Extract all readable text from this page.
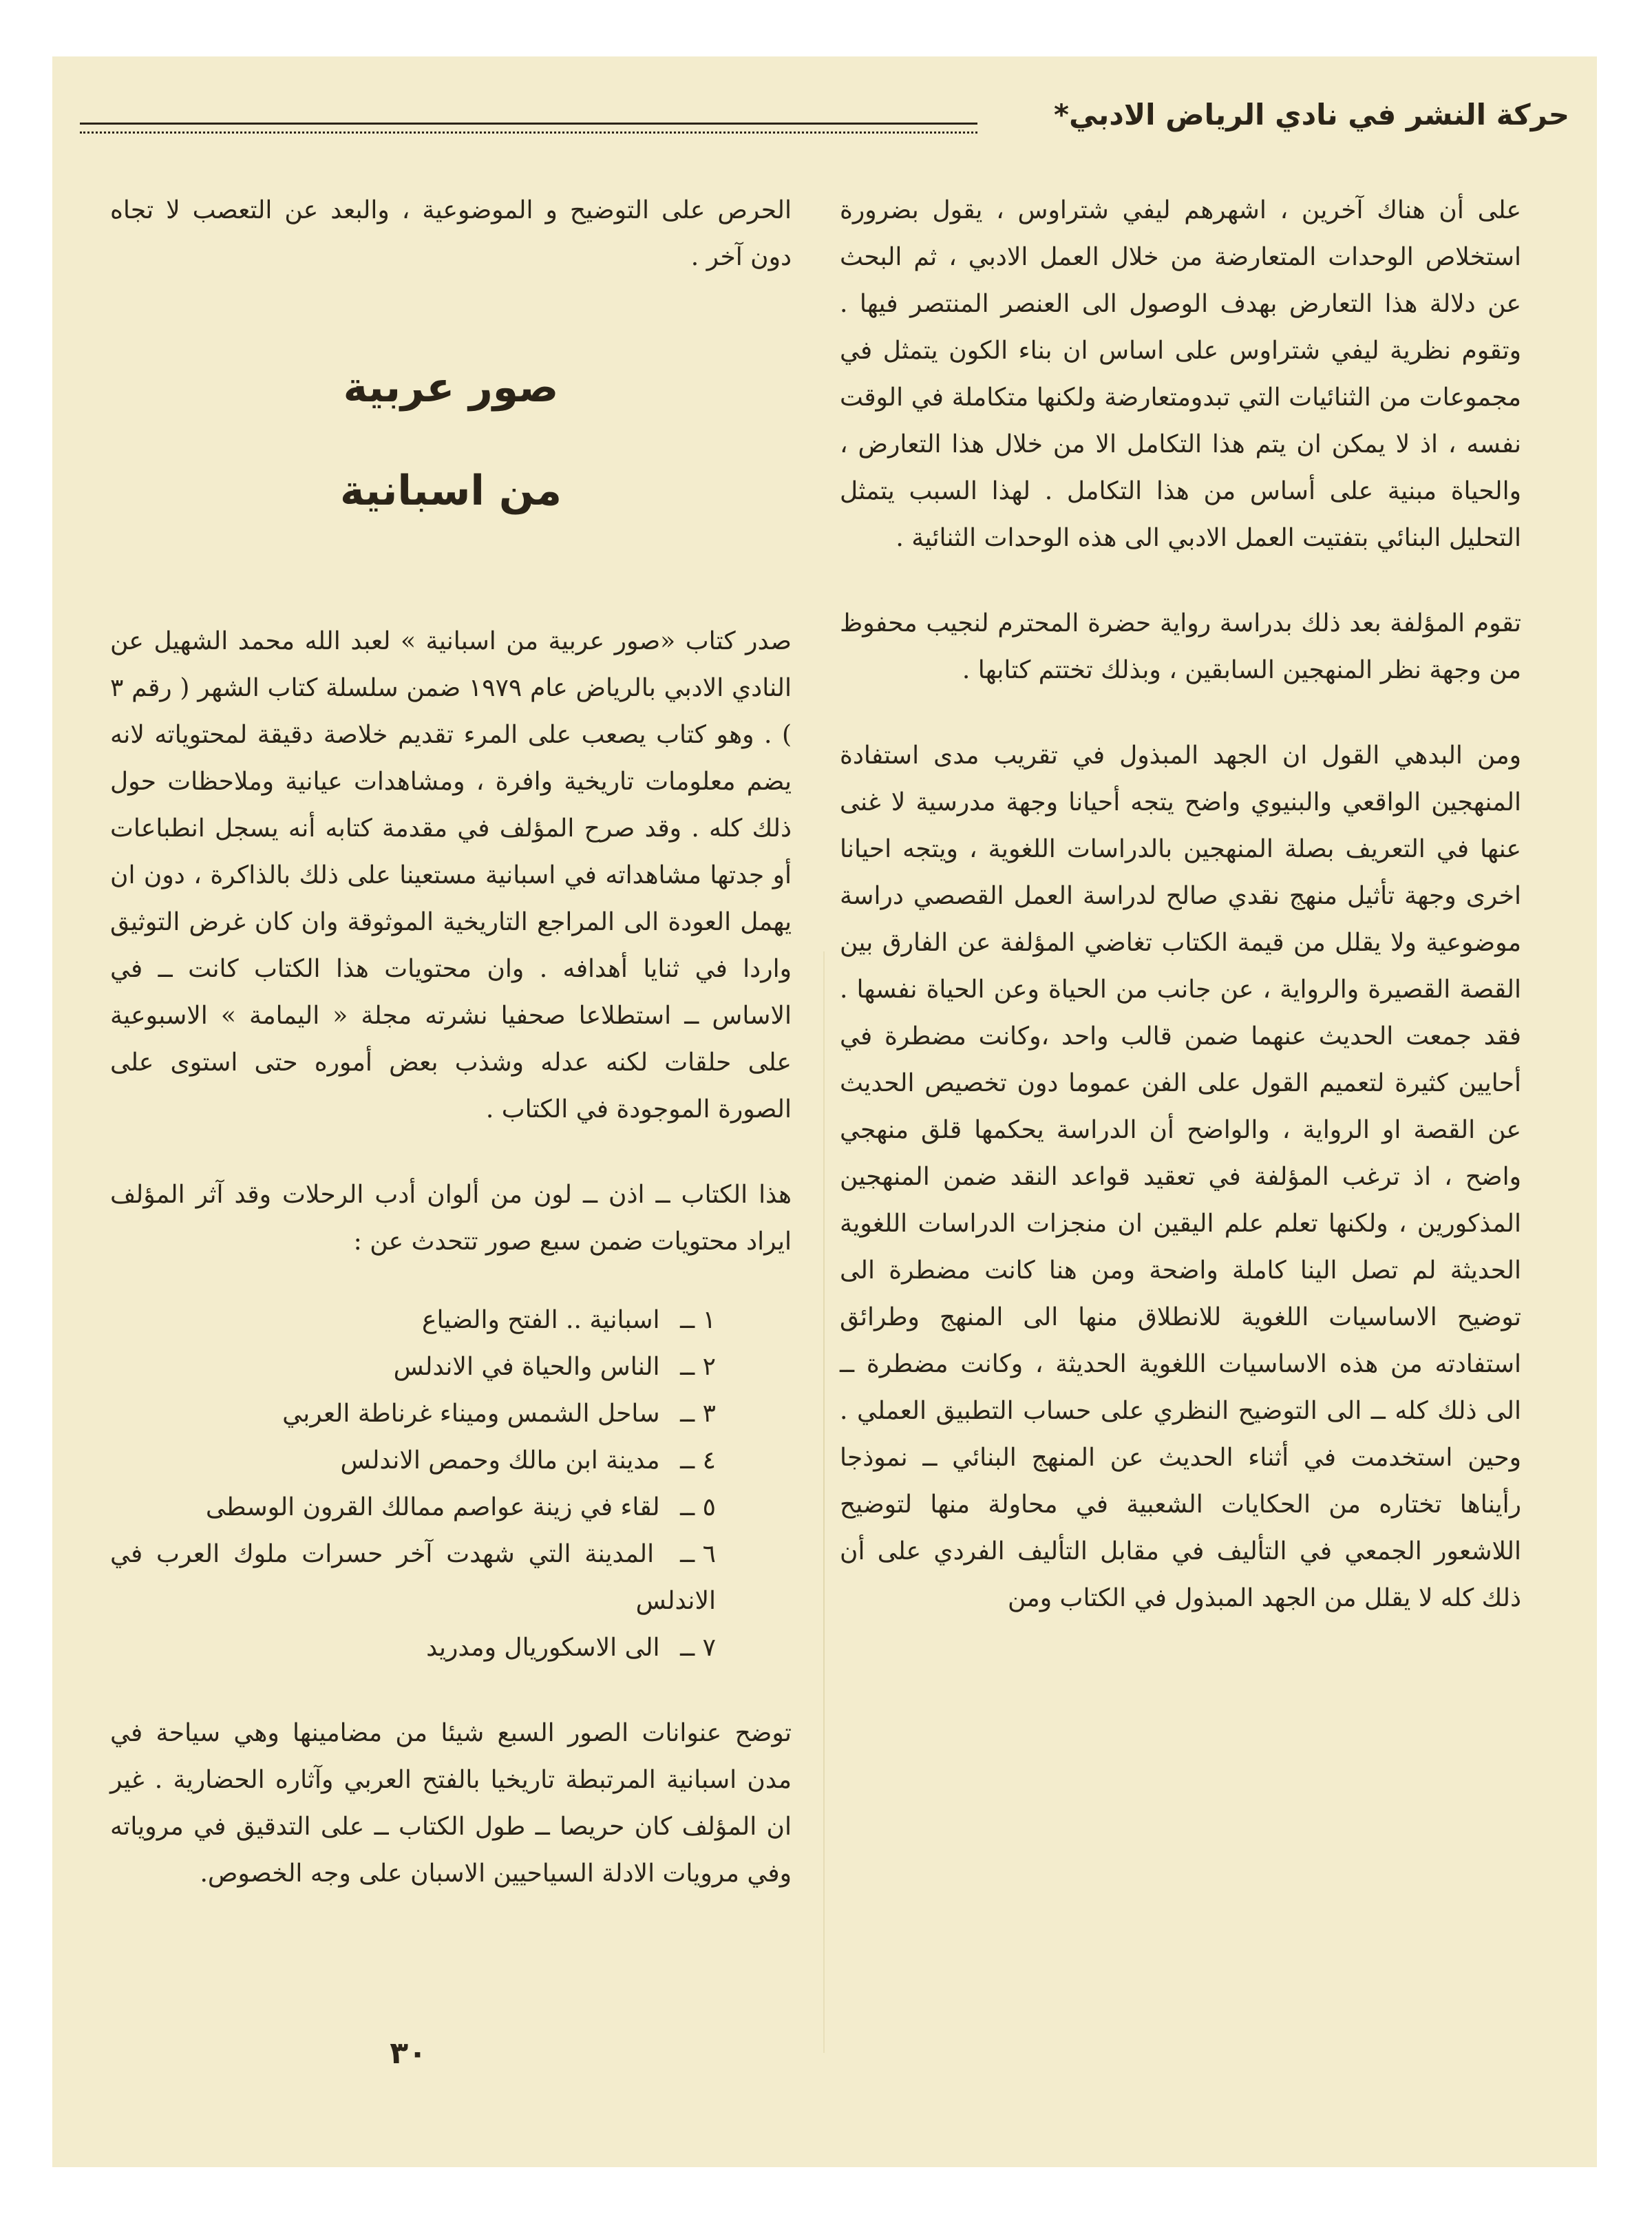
حركة النشر في نادي الرياض الادبي*

على أن هناك آخرين ، اشهرهم ليفي شتراوس ، يقول بضرورة استخلاص الوحدات المتعارضة من خلال العمل الادبي ، ثم البحث عن دلالة هذا التعارض بهدف الوصول الى العنصر المنتصر فيها . وتقوم نظرية ليفي شتراوس على اساس ان بناء الكون يتمثل في مجموعات من الثنائيات التي تبدومتعارضة ولكنها متكاملة في الوقت نفسه ، اذ لا يمكن ان يتم هذا التكامل الا من خلال هذا التعارض ، والحياة مبنية على أساس من هذا التكامل . لهذا السبب يتمثل التحليل البنائي بتفتيت العمل الادبي الى هذه الوحدات الثنائية .

تقوم المؤلفة بعد ذلك بدراسة رواية حضرة المحترم لنجيب محفوظ من وجهة نظر المنهجين السابقين ، وبذلك تختتم كتابها .

ومن البدهي القول ان الجهد المبذول في تقريب مدى استفادة المنهجين الواقعي والبنيوي واضح يتجه أحيانا وجهة مدرسية لا غنى عنها في التعريف بصلة المنهجين بالدراسات اللغوية ، ويتجه احيانا اخرى وجهة تأثيل منهج نقدي صالح لدراسة العمل القصصي دراسة موضوعية ولا يقلل من قيمة الكتاب تغاضي المؤلفة عن الفارق بين القصة القصيرة والرواية ، عن جانب من الحياة وعن الحياة نفسها . فقد جمعت الحديث عنهما ضمن قالب واحد ،وكانت مضطرة في أحايين كثيرة لتعميم القول على الفن عموما دون تخصيص الحديث عن القصة او الرواية ، والواضح أن الدراسة يحكمها قلق منهجي واضح ، اذ ترغب المؤلفة في تعقيد قواعد النقد ضمن المنهجين المذكورين ، ولكنها تعلم علم اليقين ان منجزات الدراسات اللغوية الحديثة لم تصل الينا كاملة واضحة ومن هنا كانت مضطرة الى توضيح الاساسيات اللغوية للانطلاق منها الى المنهج وطرائق استفادته من هذه الاساسيات اللغوية الحديثة ، وكانت مضطرة ــ الى ذلك كله ــ الى التوضيح النظري على حساب التطبيق العملي . وحين استخدمت في أثناء الحديث عن المنهج البنائي ــ نموذجا رأيناها تختاره من الحكايات الشعبية في محاولة منها لتوضيح اللاشعور الجمعي في التأليف في مقابل التأليف الفردي على أن ذلك كله لا يقلل من الجهد المبذول في الكتاب ومن

الحرص على التوضيح و الموضوعية ، والبعد عن التعصب لا تجاه دون آخر .

صور عربية
من اسبانية

صدر كتاب «صور عربية من اسبانية » لعبد الله محمد الشهيل عن النادي الادبي بالرياض عام ١٩٧٩ ضمن سلسلة كتاب الشهر ( رقم ٣ ) . وهو كتاب يصعب على المرء تقديم خلاصة دقيقة لمحتوياته لانه يضم معلومات تاريخية وافرة ، ومشاهدات عيانية وملاحظات حول ذلك كله . وقد صرح المؤلف في مقدمة كتابه أنه يسجل انطباعات أو جدتها مشاهداته في اسبانية مستعينا على ذلك بالذاكرة ، دون ان يهمل العودة الى المراجع التاريخية الموثوقة وان كان غرض التوثيق واردا في ثنايا أهدافه . وان محتويات هذا الكتاب كانت ــ في الاساس ــ استطلاعا صحفيا نشرته مجلة « اليمامة » الاسبوعية على حلقات لكنه عدله وشذب بعض أموره حتى استوى على الصورة الموجودة في الكتاب .

هذا الكتاب ــ اذن ــ لون من ألوان أدب الرحلات وقد آثر المؤلف ايراد محتويات ضمن سبع صور تتحدث عن :

١ ــ اسبانية .. الفتح والضياع
٢ ــ الناس والحياة في الاندلس
٣ ــ ساحل الشمس وميناء غرناطة العربي
٤ ــ مدينة ابن مالك وحمص الاندلس
٥ ــ لقاء في زينة عواصم ممالك القرون الوسطى
٦ ــ المدينة التي شهدت آخر حسرات ملوك العرب في الاندلس
٧ ــ الى الاسكوريال ومدريد

توضح عنوانات الصور السبع شيئا من مضامينها وهي سياحة في مدن اسبانية المرتبطة تاريخيا بالفتح العربي وآثاره الحضارية . غير ان المؤلف كان حريصا ــ طول الكتاب ــ على التدقيق في مروياته وفي مرويات الادلة السياحيين الاسبان على وجه الخصوص.

٣٠
